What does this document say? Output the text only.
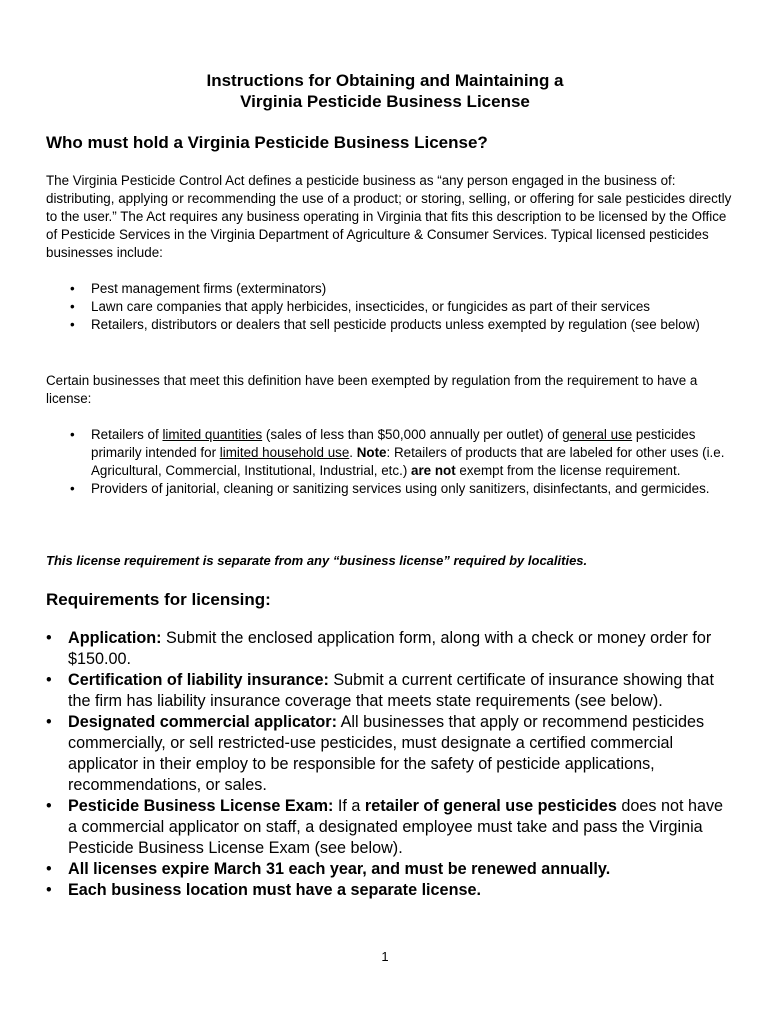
Instructions for Obtaining and Maintaining a
Virginia Pesticide Business License
Who must hold a Virginia Pesticide Business License?

The Virginia Pesticide Control Act defines a pesticide business as “any person engaged in the business of: distributing, applying or recommending the use of a product; or storing, selling, or offering for sale pesticides directly to the user.” The Act requires any business operating in Virginia that fits this description to be licensed by the Office of Pesticide Services in the Virginia Department of Agriculture & Consumer Services. Typical licensed pesticides businesses include:

• Pest management firms (exterminators)
• Lawn care companies that apply herbicides, insecticides, or fungicides as part of their services
• Retailers, distributors or dealers that sell pesticide products unless exempted by regulation (see below)

Certain businesses that meet this definition have been exempted by regulation from the requirement to have a license:

• Retailers of limited quantities (sales of less than $50,000 annually per outlet) of general use pesticides primarily intended for limited household use. Note: Retailers of products that are labeled for other uses (i.e. Agricultural, Commercial, Institutional, Industrial, etc.) are not exempt from the license requirement.
• Providers of janitorial, cleaning or sanitizing services using only sanitizers, disinfectants, and germicides.
This license requirement is separate from any “business license” required by localities.
Requirements for licensing:
• Application: Submit the enclosed application form, along with a check or money order for $150.00.
• Certification of liability insurance: Submit a current certificate of insurance showing that the firm has liability insurance coverage that meets state requirements (see below).
• Designated commercial applicator: All businesses that apply or recommend pesticides commercially, or sell restricted-use pesticides, must designate a certified commercial applicator in their employ to be responsible for the safety of pesticide applications, recommendations, or sales.
• Pesticide Business License Exam: If a retailer of general use pesticides does not have a commercial applicator on staff, a designated employee must take and pass the Virginia Pesticide Business License Exam (see below).
• All licenses expire March 31 each year, and must be renewed annually.
• Each business location must have a separate license.
1
